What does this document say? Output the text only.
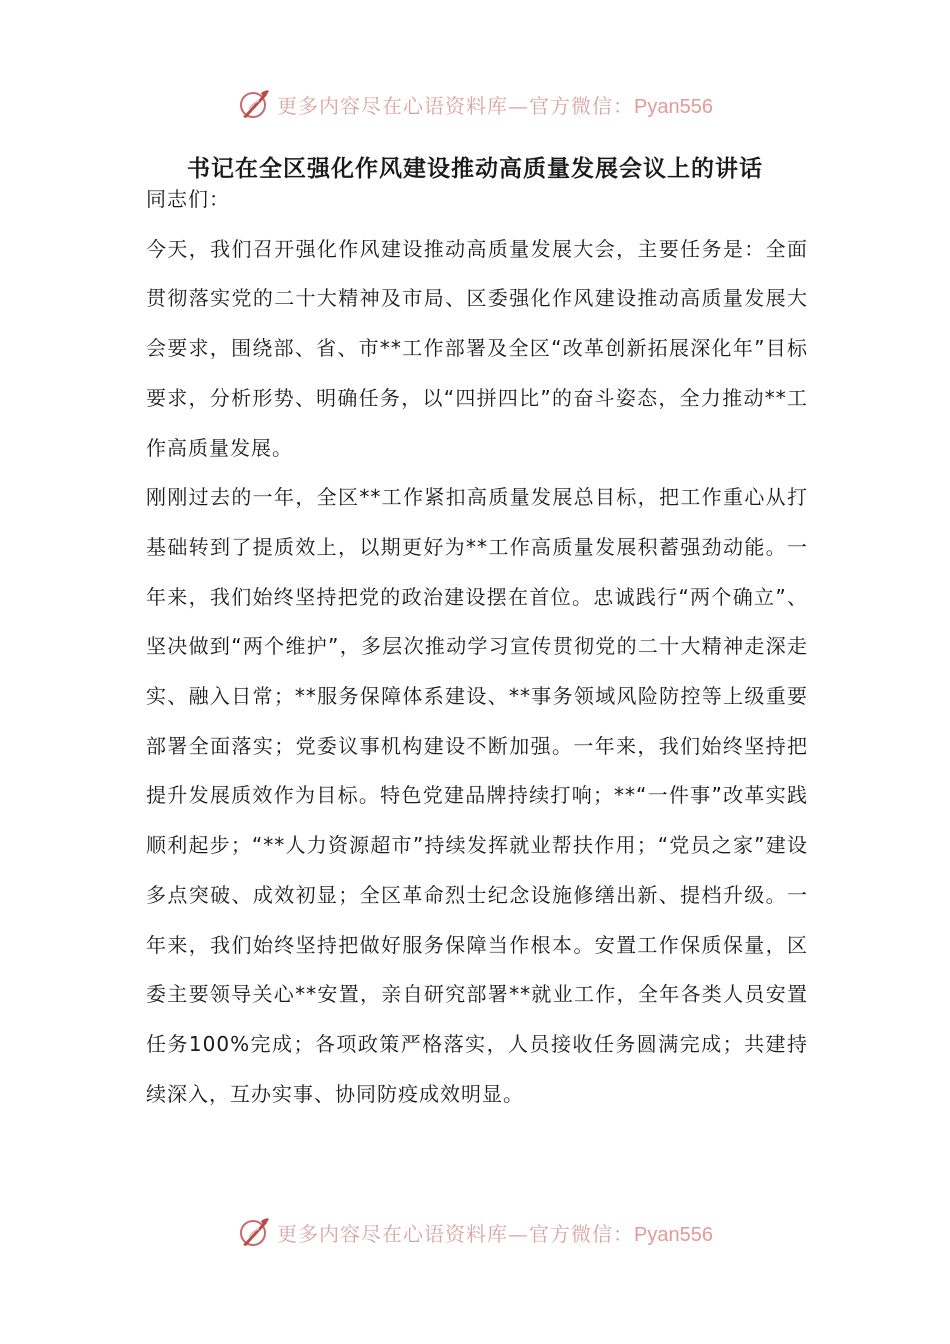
更多内容尽在心语资料库—官方微信：Pyan556
书记在全区强化作风建设推动高质量发展会议上的讲话

同志们：

今天，我们召开强化作风建设推动高质量发展大会，主要任务是：全面贯彻落实党的二十大精神及市局、区委强化作风建设推动高质量发展大会要求，围绕部、省、市**工作部署及全区“改革创新拓展深化年”目标要求，分析形势、明确任务，以“四拼四比”的奋斗姿态，全力推动**工作高质量发展。

刚刚过去的一年，全区**工作紧扣高质量发展总目标，把工作重心从打基础转到了提质效上，以期更好为**工作高质量发展积蓄强劲动能。一年来，我们始终坚持把党的政治建设摆在首位。忠诚践行“两个确立”、坚决做到“两个维护”，多层次推动学习宣传贯彻党的二十大精神走深走实、融入日常；**服务保障体系建设、**事务领域风险防控等上级重要部署全面落实；党委议事机构建设不断加强。一年来，我们始终坚持把提升发展质效作为目标。特色党建品牌持续打响；**“一件事”改革实践顺利起步；“**人力资源超市”持续发挥就业帮扶作用；“党员之家”建设多点突破、成效初显；全区革命烈士纪念设施修缮出新、提档升级。一年来，我们始终坚持把做好服务保障当作根本。安置工作保质保量，区委主要领导关心**安置，亲自研究部署**就业工作，全年各类人员安置任务100%完成；各项政策严格落实，人员接收任务圆满完成；共建持续深入，互办实事、协同防疫成效明显。

更多内容尽在心语资料库—官方微信：Pyan556
